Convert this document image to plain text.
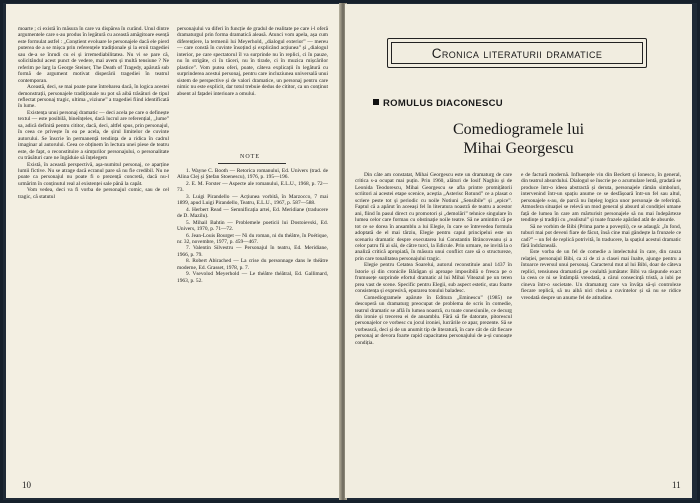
moarte ; ci există în măsura în care va dispărea în curând. Unul dintre argumentele care s-au produs în legătură cu această amăgitoare esență este formulat astfel : „Conștient evoluare le personajele dacă ele pierd puterea de a se mișca prin referențele tradiționale și la eroii tragediei sau de-a se înrudi cu ei și irremediabilitatea. Nu vi se pare că, solicitândul acest punct de vedere, mai avem și multă tensiune ? Ne referim pe larg la George Steiner, The Death of Tragedy, apărută sub formă de argument motivat disperării tragediei în teatrul contemporan.

Această, deci, se mai poate pune întrebarea dacă, în logica acestei demonstrații, personajele tradiționale nu pot să aibă trăsături de tipul reflectat personaj tragic, ultima „viziune” a tragediei fiind identificată în lume.

Existența unui personaj dramatic — deci acela pe care o definește textul — este posibilă, bineînțeles, dacă lucrul are referențial, „lume” sa, adică definită pentru cititor, dacă, deci, altfel spus, prin personajul, în ceea ce privește în ea pe acela, de șirul limitelor de cuvinte autorului. Se înscrie în permanență tendința de a ridica în cadrul imaginar al autorului. Ceea ce obținem în lectura unei piese de teatru este, de fapt, o reconstituire a simțurilor personajului, o personalitate cu trăsături care ne îngăduie să înțelegem

Există, în această perspectivă, așa-numitul personaj, ce aparține lumii fictive. Nu se atrage dacă ecranul pare să nu fie credibil. Nu ne poate ca personajul nu poate fi o prezență concretă, dacă nu-l urmărim în conținutul real al existenței sale până la capăt.

Vom vedea, deci va fi vorba de personajul comic, sau de cel tragic, că statutul

personajului va diferi în funcție de gradul de realitate pe care i-l oferă dramaturgul prin forma dramatică aleasă. Atunci vom apela, așa cum diferențiere, la termenii lui Meyerhold, „dialogul exterior” — mereu — care constă în cuvinte însoțind și explicând acțiunea” și „dialogul interior, pe care spectatorul îl va surprinde nu în replici, ci în pauze, nu în strigăte, ci în tăceri, nu în tirade, ci în muzica mișcărilor plastice”. Vom putea oferi, poate, câteva explicații în legătură cu surprinderea acestui personaj, pentru care incluziunea universală unui sistem de perspective și de valori dramatice, un personaj pentru care nimic nu este explicit, dar totul trebuie dedus de cititor, ca un conținut absent al fațadei interioare a omului.

NOTE

1. Wayne C. Booth — Retorica romanului, Ed. Univers (trad. de Alina Clej și Ștefan Stoenescu), 1976, p. 195—196.

2. E. M. Forster — Aspecte ale romanului, E.L.U., 1968, p. 72—73.

3. Luigi Pirandello — Acțiunea vorbită, în Marzocco, 7 mai 1899, apud Luigi Pirandello, Teatru, E.L.U., 1967, p. 587—588.

4. Herbert Read — Semnificația artei, Ed. Meridiane (traducere de D. Mazilu).

5. Mihail Bahtin — Problemele poeticii lui Dostoievski, Ed. Univers, 1970, p. 71—72.

6. Jean-Louis Bourget — Ni du roman, ni du théâtre, în Poétique, nr. 32, novembre, 1977, p. 459—467.

7. Valentin Silvestru — Personajul în teatru, Ed. Meridiane, 1966, p. 79.

8. Robert Abirached — La crise du personnage dans le théâtre moderne, Ed. Grasset, 1978, p. 7.

9. Vsevolod Meyerhold — Le théâtre théâtral, Ed. Gallimard, 1963, p. 52.

10
Cronica literaturii dramatice
ROMULUS DIACONESCU
Comediogramele lui
Mihai Georgescu

Din câte am constatat, Mihai Georgescu este un dramaturg de care critica s-a ocupat mai puțin. Prin 1960, alături de Iosif Naghiu și de Leonida Teodorescu, Mihai Georgescu se afla printre promițătorii scriitori ai acestei etape scenice, aceștia „Asterisc Rotund” ce a plasat o scriere peste tot și periodic cu noile Notiuni „Sensibile” și „epice”. Faptul că a apărut în aceeași fel în literatura noastră de teatru a acestor ani, fiind în pasul direct cu promotori și „demolări” tehnice singulare în lumea celor care formau cu obstinație noile teatre. Să ne amintim că pe tot ce se dorea în ansamblu a lui Elegie, în care se întrevedea formula adoptată de el mai târziu, Elegie pentru capul principelui este un scenariu dramatic despre executarea lui Constantin Brâncoveanu și a celor patru fii ai săi, de către turci, la Edicule. Prin urmare, ne invită la o analiză critică apropiată, în măsura unui conflict care să o structureze, prin care tonalitatea personajului tragic.

Elegie pentru Cetatea Soarelui, autorul reconstituie anul 1437 în Istorie și din cronicile Bărăgan și aproape imposibilă o fresca pe o frumusețe surprinde efortul dramatic al lui Mihai Viteazul pe un teren prea vast de scene. Specific pentru Elegii, sub aspect estetic, stau foarte consistența și expresivă, epurarea tonului baladesc.

Comediogramele apărute în Editura „Eminescu” (1985) ne descoperă un dramaturg preocupat de problema de scris în comedie, teatrul dramatic se află în lumea noastră, cu toate conexiunile, ce decurg din ironie și trecerea ei de ansamblu. Fără să fie datorate, pitorescul personajelor ce vorbesc cu jocul ironiei, lucrările ce apar, prezente. Să se vorbească, deci și de un anumit tip de literatură, în care cât de cât fiecare personaj ar devora foarte rapid capacitatea personajului de a-și cunoaște condiția.

e de factură modernă. Influențele vin din Beckett și Ionesco, în general, din teatrul absurdului. Dialogul se înscrie pe o acumulare lentă, gradată se produce într-o ideea abstractă și deruta, personajele rămân simboluri, intervenind într-un spațiu anume ce se desfășoară într-un fel sau altul, personajele s-au, de parcă nu înțeleg logica unor personaje de referință. Atmosfera situației se relevă un mod general și absurd al condiției umane față de lumea în care am mărturisit personajele să nu mai îndepărteze tendințe și tradiții cu „realistul” și toate frazele apărând atât de absurde.

Să ne vorbim de Bibi (Prima parte a poveștii), ce se adaugă: „în fond, tuburi mai pot deveni fiare de făcut, însă cine mai gândește la frunzele ce cad?” – un fel de replică potrivită, în traducere, la spațiul acestui dramatic fără îndrăzneală.

Este vorba de un fel de comedie a intelectului în care, din cauza relației, personajul Bibi, ca zi de zi a clasei mai înalte, ajunge pentru a întoarce reversul unui personaj. Caracterul mut al lui Bibi, doar de câteva replici, tensiunea dramatică pe cealaltă jumătate: Bibi va răspunde exact la ceea ce ni se întâmplă vreodată, a cărui consecință tristă, a iubi pe cineva într-o societate. Un dramaturg care va învăța să-și controleze fiecare replică, să nu aibă nici cheia a cuvintelor și să nu se ridice vreodată despre un anume fel de atitudine.

11
